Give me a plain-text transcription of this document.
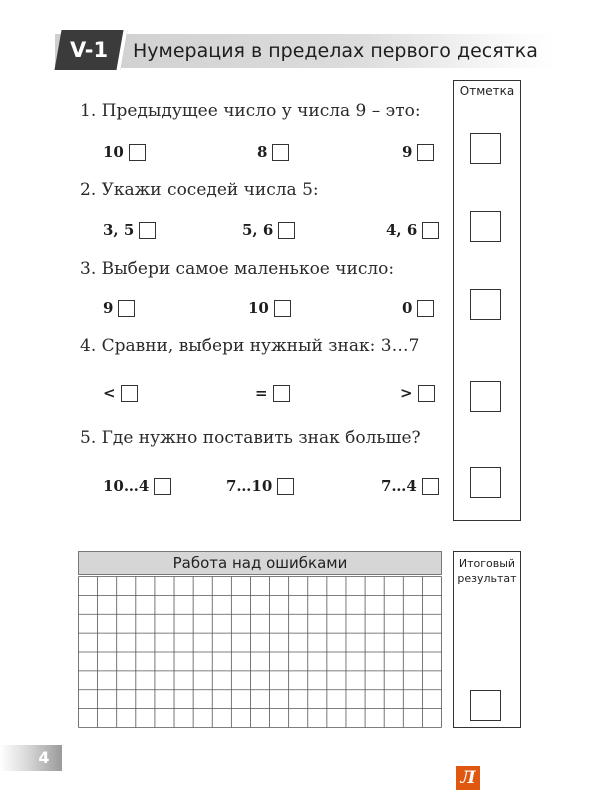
V-1	Нумерация в пределах первого десятка
1. Предыдущее число у числа 9 – это:
10	8	9
2. Укажи соседей числа 5:
3, 5	5, 6	4, 6
3. Выбери самое маленькое число:
9	10	0
4. Сравни, выбери нужный знак: 3…7
<	=	>
5. Где нужно поставить знак больше?
10…4	7…10	7…4
Отметка
Работа над ошибками	Итоговый
результат
4
Л
